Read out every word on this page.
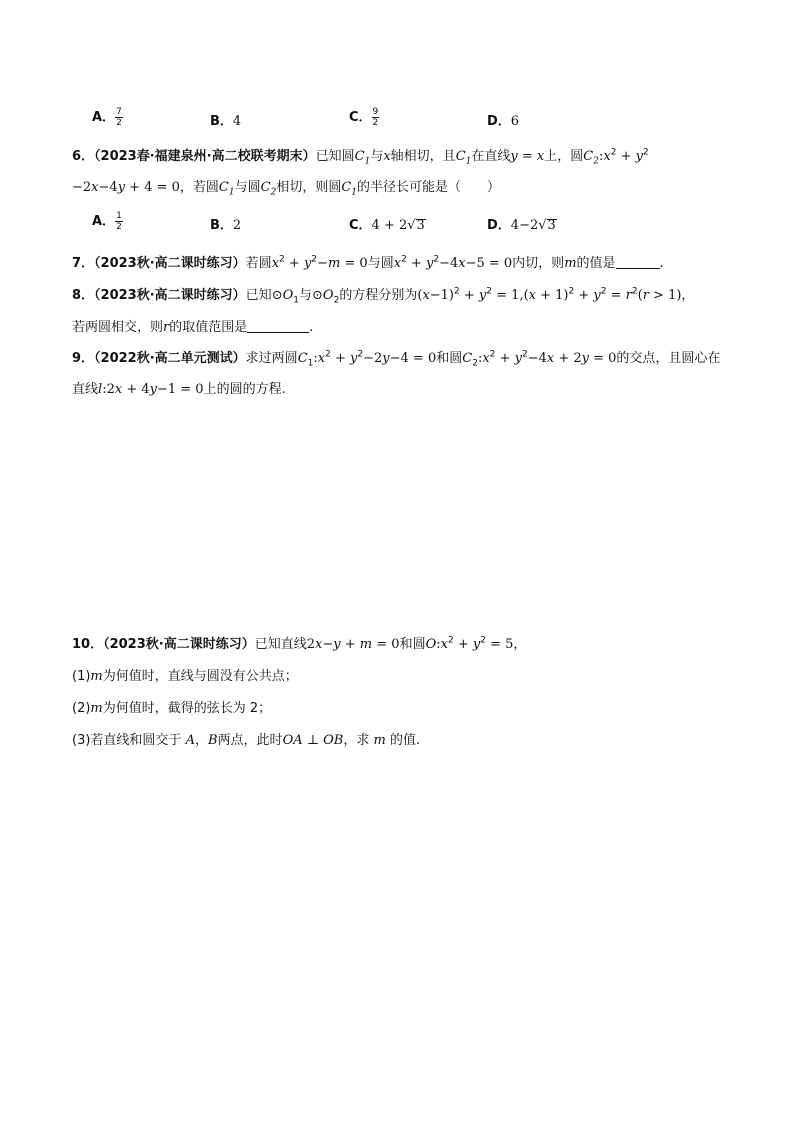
A． $\frac{7}{2}$	B．4	C． $\frac{9}{2}$	D．6
6．（2023春·福建泉州·高二校联考期末）已知圆$C_1$与x轴相切，且$C_1$在直线y = x上，圆$C_2:x^2 + y^2$
−2x−4y + 4 = 0，若圆$C_1$与圆$C_2$相切，则圆$C_1$的半径长可能是（　　）
A． $\frac{1}{2}$	B．2	C．4 + 2√3	D．4−2√3
7．（2023秋·高二课时练习）若圆$x^2 + y^2-m = 0$与圆$x^2 + y^2-4x-5 = 0$内切，则m的值是	.
8．（2023秋·高二课时练习）已知$⊙O_1$与$⊙O_2$的方程分别为$(x-1)^2 + y^2 = 1,(x + 1)^2 + y^2 = r^2(r > 1)$，
若两圆相交，则r的取值范围是	.
9．（2022秋·高二单元测试）求过两圆$C_1:x^2 + y^2-2y-4 = 0$和圆$C_2:x^2 + y^2-4x + 2y = 0$的交点，且圆心在
直线l:2x + 4y−1 = 0上的圆的方程.
10．（2023秋·高二课时练习）已知直线2x−y + m = 0和圆$O:x^2 + y^2 = 5$，
(1)m为何值时，直线与圆没有公共点；
(2)m为何值时，截得的弦长为 2；
(3)若直线和圆交于 A，B两点，此时OA ⊥ OB，求 m 的值.
